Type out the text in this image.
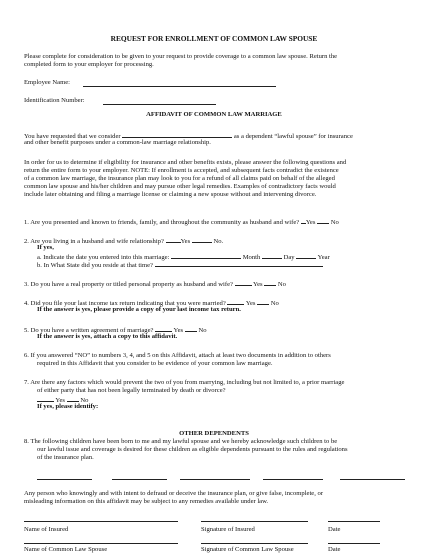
REQUEST FOR ENROLLMENT OF COMMON LAW SPOUSE
Please complete for consideration to be given to your request to provide coverage to a common law spouse. Return the
completed form to your employer for processing.
Employee Name:
Identification Number:
AFFIDAVIT OF COMMON LAW MARRIAGE
You have requested that we consider	as a dependent “lawful spouse” for insurance
and other benefit purposes under a common-law marriage relationship.
In order for us to determine if eligibility for insurance and other benefits exists, please answer the following questions and
return the entire form to your employer. NOTE: If enrollment is accepted, and subsequent facts contradict the existence
of a common law marriage, the insurance plan may look to you for a refund of all claims paid on behalf of the alleged
common law spouse and his/her children and may pursue other legal remedies. Examples of contradictory facts would
include later obtaining and filing a marriage license or claiming a new spouse without and intervening divorce.
1. Are you presented and known to friends, family, and throughout the community as husband and wife? Yes No
2. Are you living in a husband and wife relationship?	Yes	No.
If yes,
a. Indicate the date you entered into this marriage:	Month	Day	Year
b. In What State did you reside at that time?
3. Do you have a real property or titled personal property as husband and wife?	Yes No
4. Did you file your last income tax return indicating that you were married?	Yes No
If the answer is yes, please provide a copy of your last income tax return.
5. Do you have a written agreement of marriage?	Yes No
If the answer is yes, attach a copy to this affidavit.
6. If you answered “NO” to numbers 3, 4, and 5 on this Affidavit, attach at least two documents in addition to others
required in this Affidavit that you consider to be evidence of your common law marriage.
7. Are there any factors which would prevent the two of you from marrying, including but not limited to, a prior marriage
of either party that has not been legally terminated by death or divorce?
Yes No
If yes, please identify:
OTHER DEPENDENTS
8. The following children have been born to me and my lawful spouse and we hereby acknowledge such children to be
our lawful issue and coverage is desired for these children as eligible dependents pursuant to the rules and regulations
of the insurance plan.
Any person who knowingly and with intent to defraud or deceive the insurance plan, or give false, incomplete, or
misleading information on this affidavit may be subject to any remedies available under law.
Name of Insured	Signature of Insured	Date
Name of Common Law Spouse	Signature of Common Law Spouse	Date
